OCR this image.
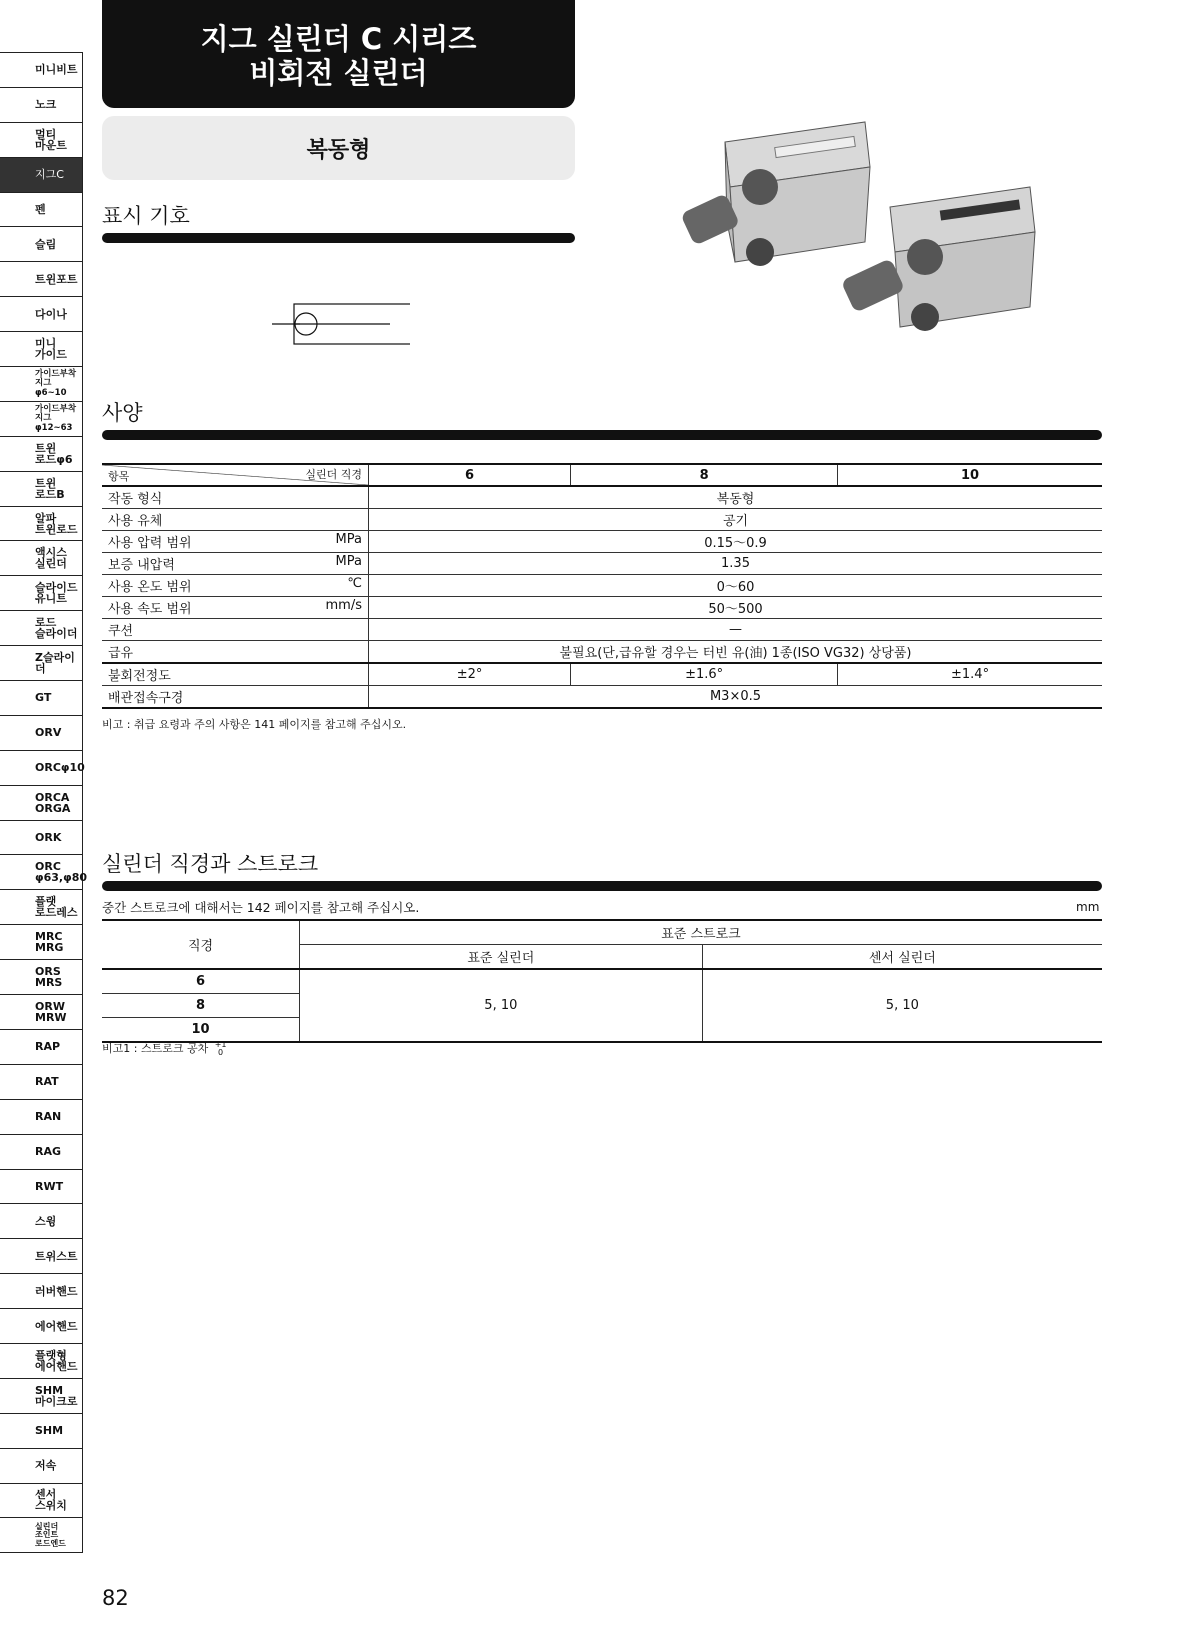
미니비트
노크
멀티
마운트
지그C
펜
슬림
트윈포트
다이나
미니
가이드
가이드부착지그
φ6~10
가이드부착지그
φ12~63
트윈
로드φ6
트윈
로드B
알파
트윈로드
액시스
실린더
슬라이드
유니트
로드
슬라이더
Z슬라이더
GT
ORV
ORCφ10
ORCA
ORGA
ORK
ORC
φ63,φ80
플랫
로드레스
MRC
MRG
ORS
MRS
ORW
MRW
RAP
RAT
RAN
RAG
RWT
스윙
트위스트
러버핸드
에어핸드
플랫형
에어핸드
SHM
마이크로
SHM
저속
센서
스위치
실린더
조인트
로드엔드
지그 실린더 C 시리즈
비회전 실린더
복동형
표시 기호
사양
실린더 직경
항목	6	8	10
작동 형식	복동형		
사용 유체	공기		
사용 압력 범위 MPa	0.15～0.9		
보증 내압력 MPa	1.35		
사용 온도 범위 ℃	0～60		
사용 속도 범위 mm/s	50～500		
쿠션	—		
급유	불필요(단,급유할 경우는 터빈 유(油) 1종(ISO VG32) 상당품)		
불회전정도	±2°	±1.6°	±1.4°
배관접속구경	M3×0.5		
비고 : 취급 요령과 주의 사항은 141 페이지를 참고해 주십시오.
실린더 직경과 스트로크
중간 스트로크에 대해서는 142 페이지를 참고해 주십시오.	mm
직경	표준 스트로크	
	표준 실린더	센서 실린더
6	5, 10	5, 10
8		
10		
비고1 : 스트로크 공차 +1
0
82
